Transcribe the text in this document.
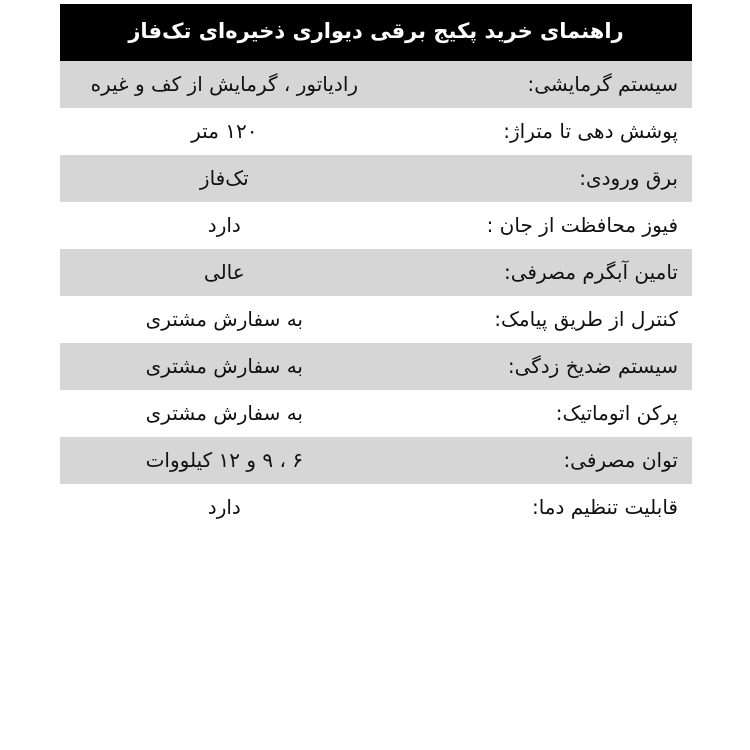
راهنمای خرید پکیج برقی دیواری ذخیره‌ای تک‌فاز
سیستم گرمایشی:	رادیاتور ، گرمایش از کف و غیره
پوشش دهی تا متراژ:	۱۲۰ متر
برق ورودی:	تک‌فاز
فیوز محافظت از جان :	دارد
تامین آبگرم مصرفی:	عالی
کنترل از طریق پیامک:	به سفارش مشتری
سیستم ضدیخ زدگی:	به سفارش مشتری
پرکن اتوماتیک:	به سفارش مشتری
توان مصرفی:	۶ ، ۹ و ۱۲ کیلووات
قابلیت تنظیم دما:	دارد
